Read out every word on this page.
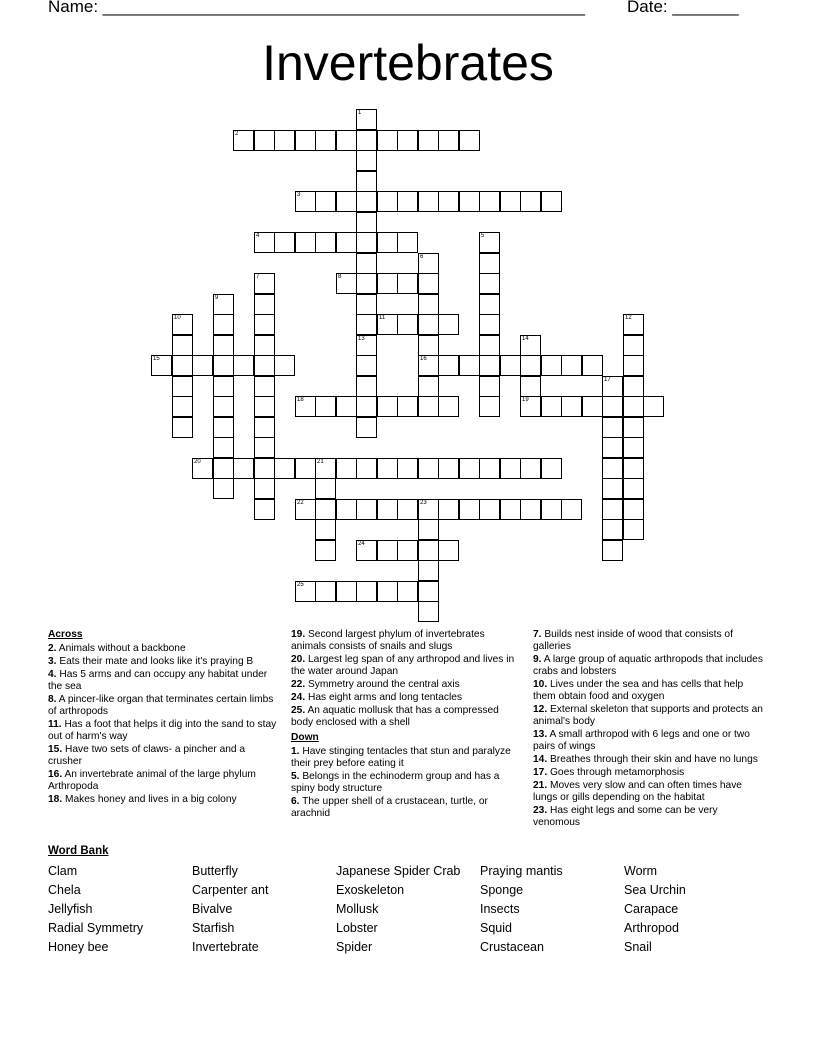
Name: ___________________________________________________ Date: _______
Invertebrates
1
13
2
3
4	5
6
16
7	8
9
10	11	12
14
19
15
17
18
20	21
22	23
24
25
Across
2. Animals without a backbone
3. Eats their mate and looks like it's praying B
4. Has 5 arms and can occupy any habitat under the sea
8. A pincer-like organ that terminates certain limbs of arthropods
11. Has a foot that helps it dig into the sand to stay out of harm's way
15. Have two sets of claws- a pincher and a crusher
16. An invertebrate animal of the large phylum Arthropoda
18. Makes honey and lives in a big colony
19. Second largest phylum of invertebrates animals consists of snails and slugs
20. Largest leg span of any arthropod and lives in the water around Japan
22. Symmetry around the central axis
24. Has eight arms and long tentacles
25. An aquatic mollusk that has a compressed body enclosed with a shell
Down
1. Have stinging tentacles that stun and paralyze their prey before eating it
5. Belongs in the echinoderm group and has a spiny body structure
6. The upper shell of a crustacean, turtle, or arachnid
7. Builds nest inside of wood that consists of galleries
9. A large group of aquatic arthropods that includes crabs and lobsters
10. Lives under the sea and has cells that help them obtain food and oxygen
12. External skeleton that supports and protects an animal's body
13. A small arthropod with 6 legs and one or two pairs of wings
14. Breathes through their skin and have no lungs
17. Goes through metamorphosis
21. Moves very slow and can often times have lungs or gills depending on the habitat
23. Has eight legs and some can be very venomous
Word Bank
Clam	Butterfly	Japanese Spider Crab	Praying mantis	Worm
Chela	Carpenter ant	Exoskeleton	Sponge	Sea Urchin
Jellyfish	Bivalve	Mollusk	Insects	Carapace
Radial Symmetry	Starfish	Lobster	Squid	Arthropod
Honey bee	Invertebrate	Spider	Crustacean	Snail
